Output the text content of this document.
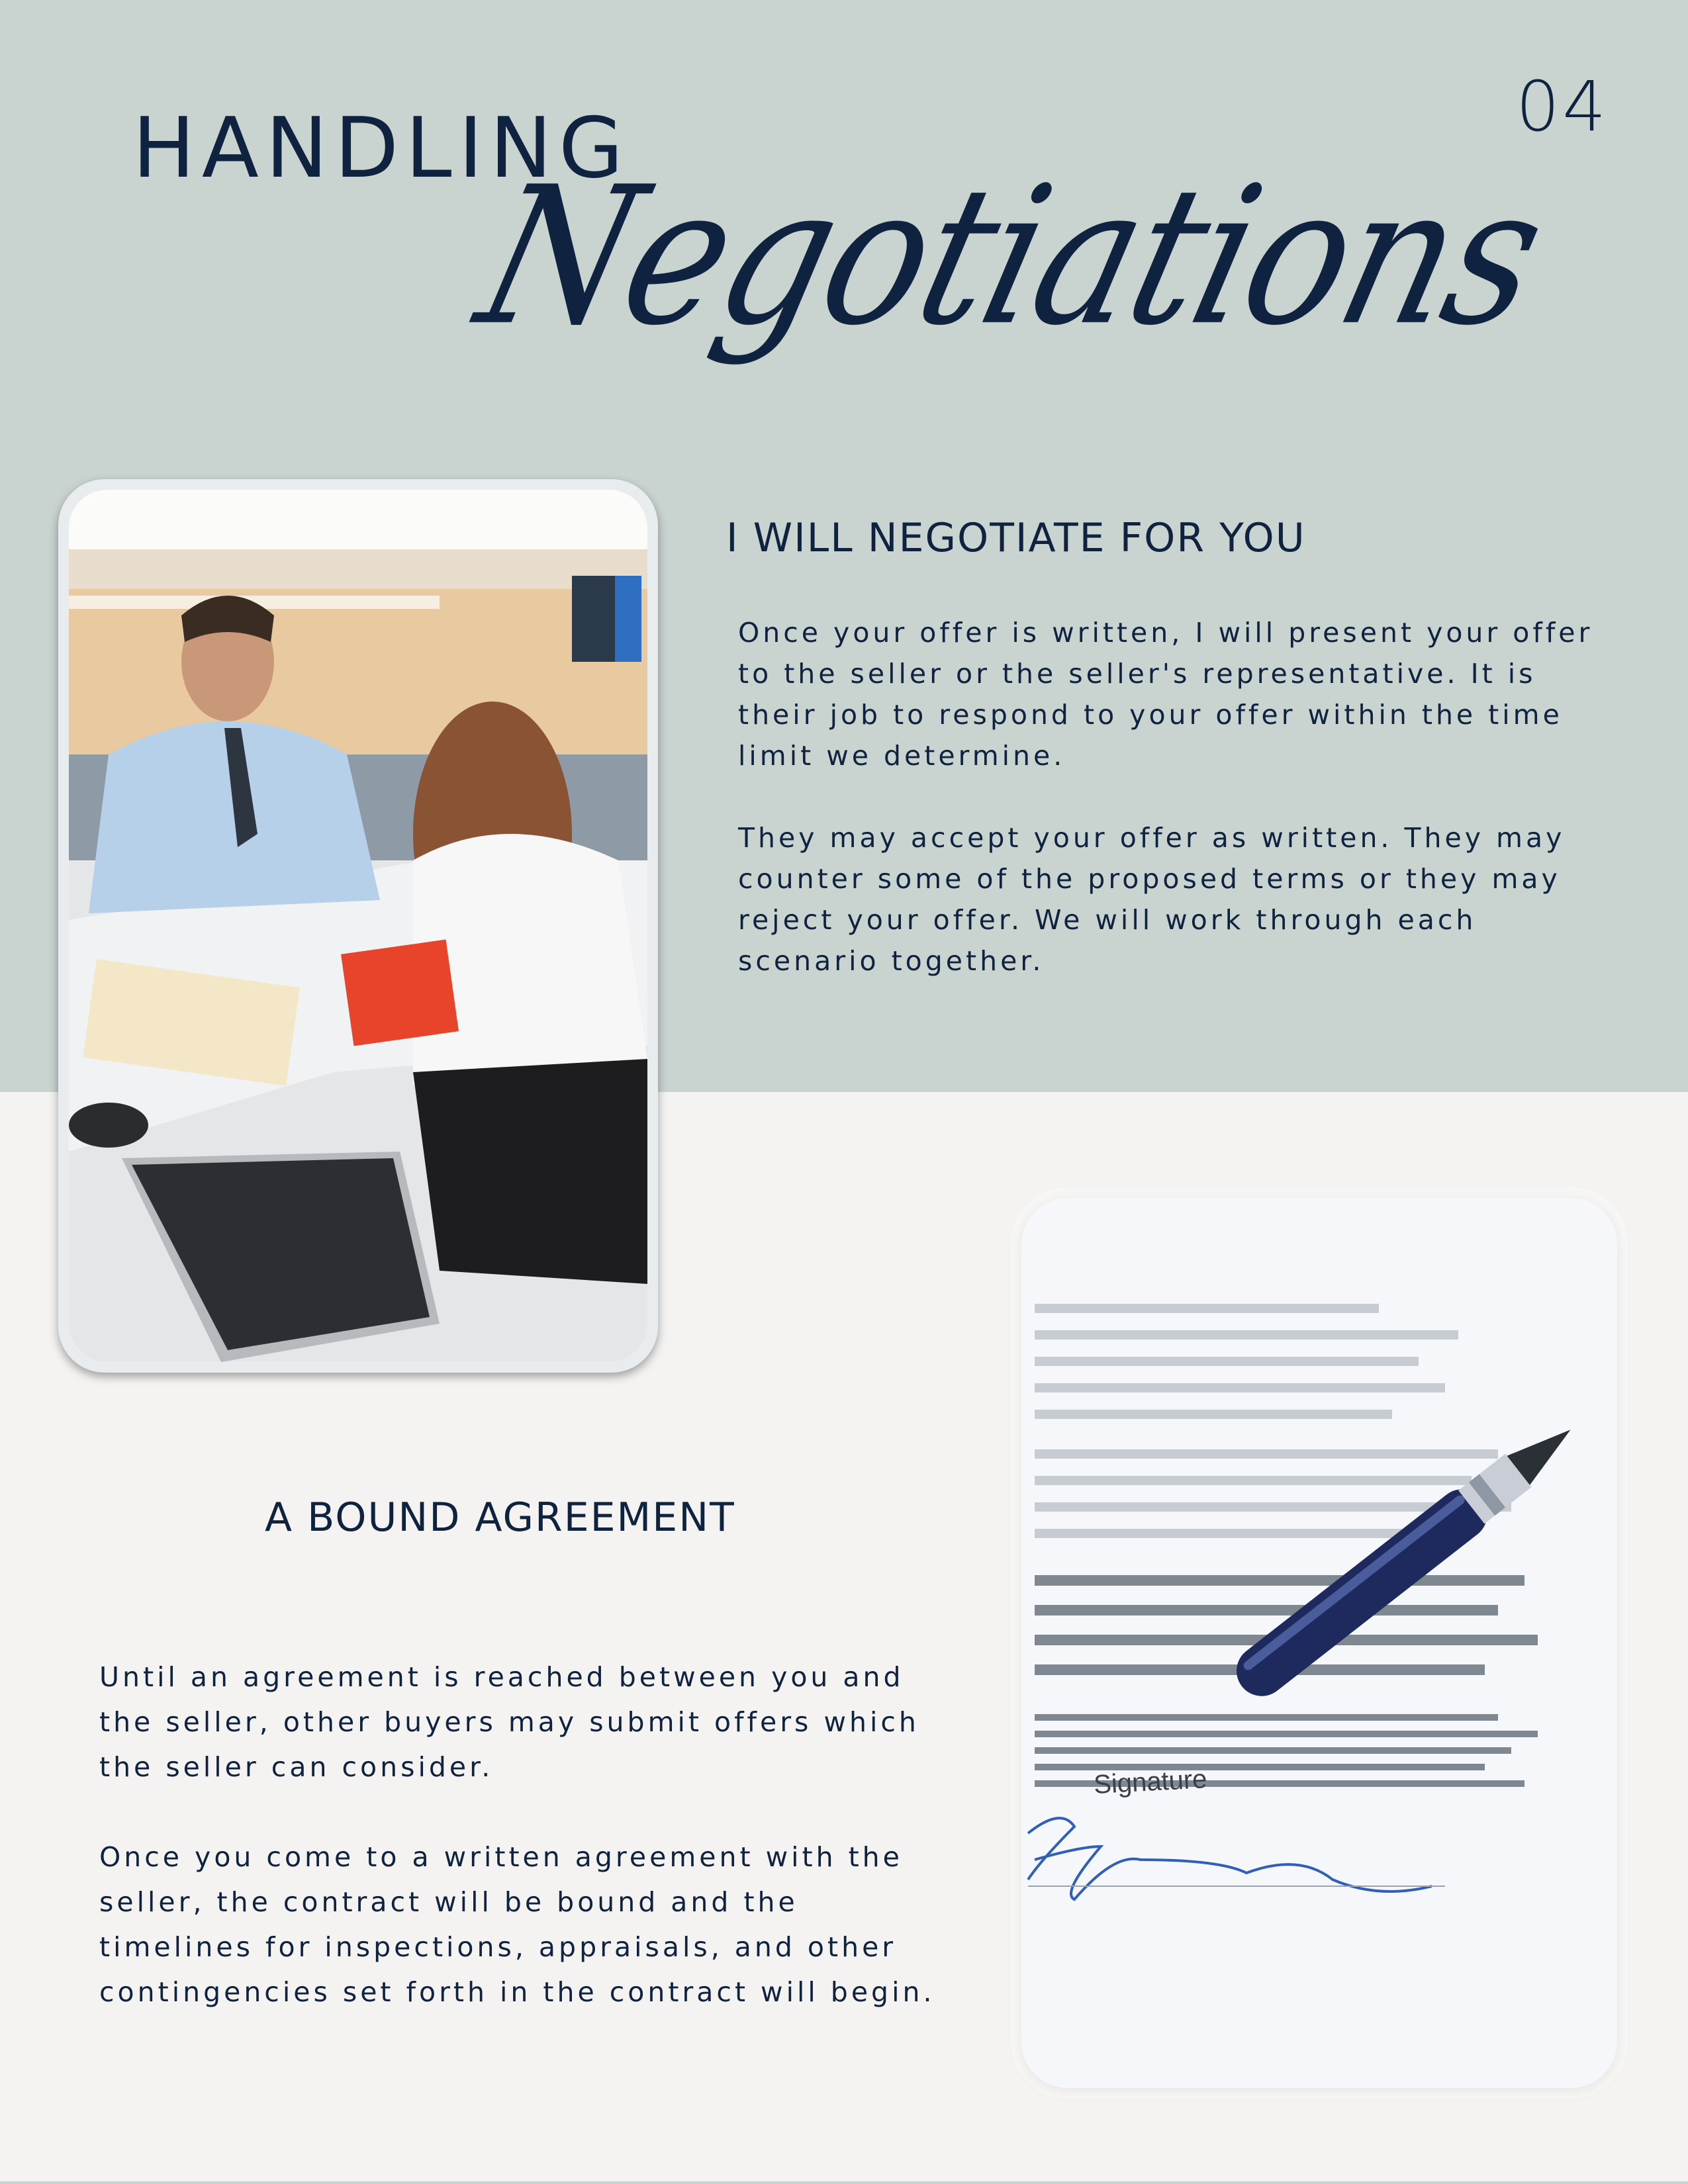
04
HANDLING
Negotiations
I WILL NEGOTIATE FOR YOU

Once your offer is written, I will present your offer to the seller or the seller's representative. It is their job to respond to your offer within the time limit we determine.

They may accept your offer as written. They may counter some of the proposed terms or they may reject your offer. We will work through each scenario together.

A BOUND AGREEMENT

Until an agreement is reached between you and the seller, other buyers may submit offers which the seller can consider.

Once you come to a written agreement with the seller, the contract will be bound and the timelines for inspections, appraisals, and other contingencies set forth in the contract will begin.

Signature
